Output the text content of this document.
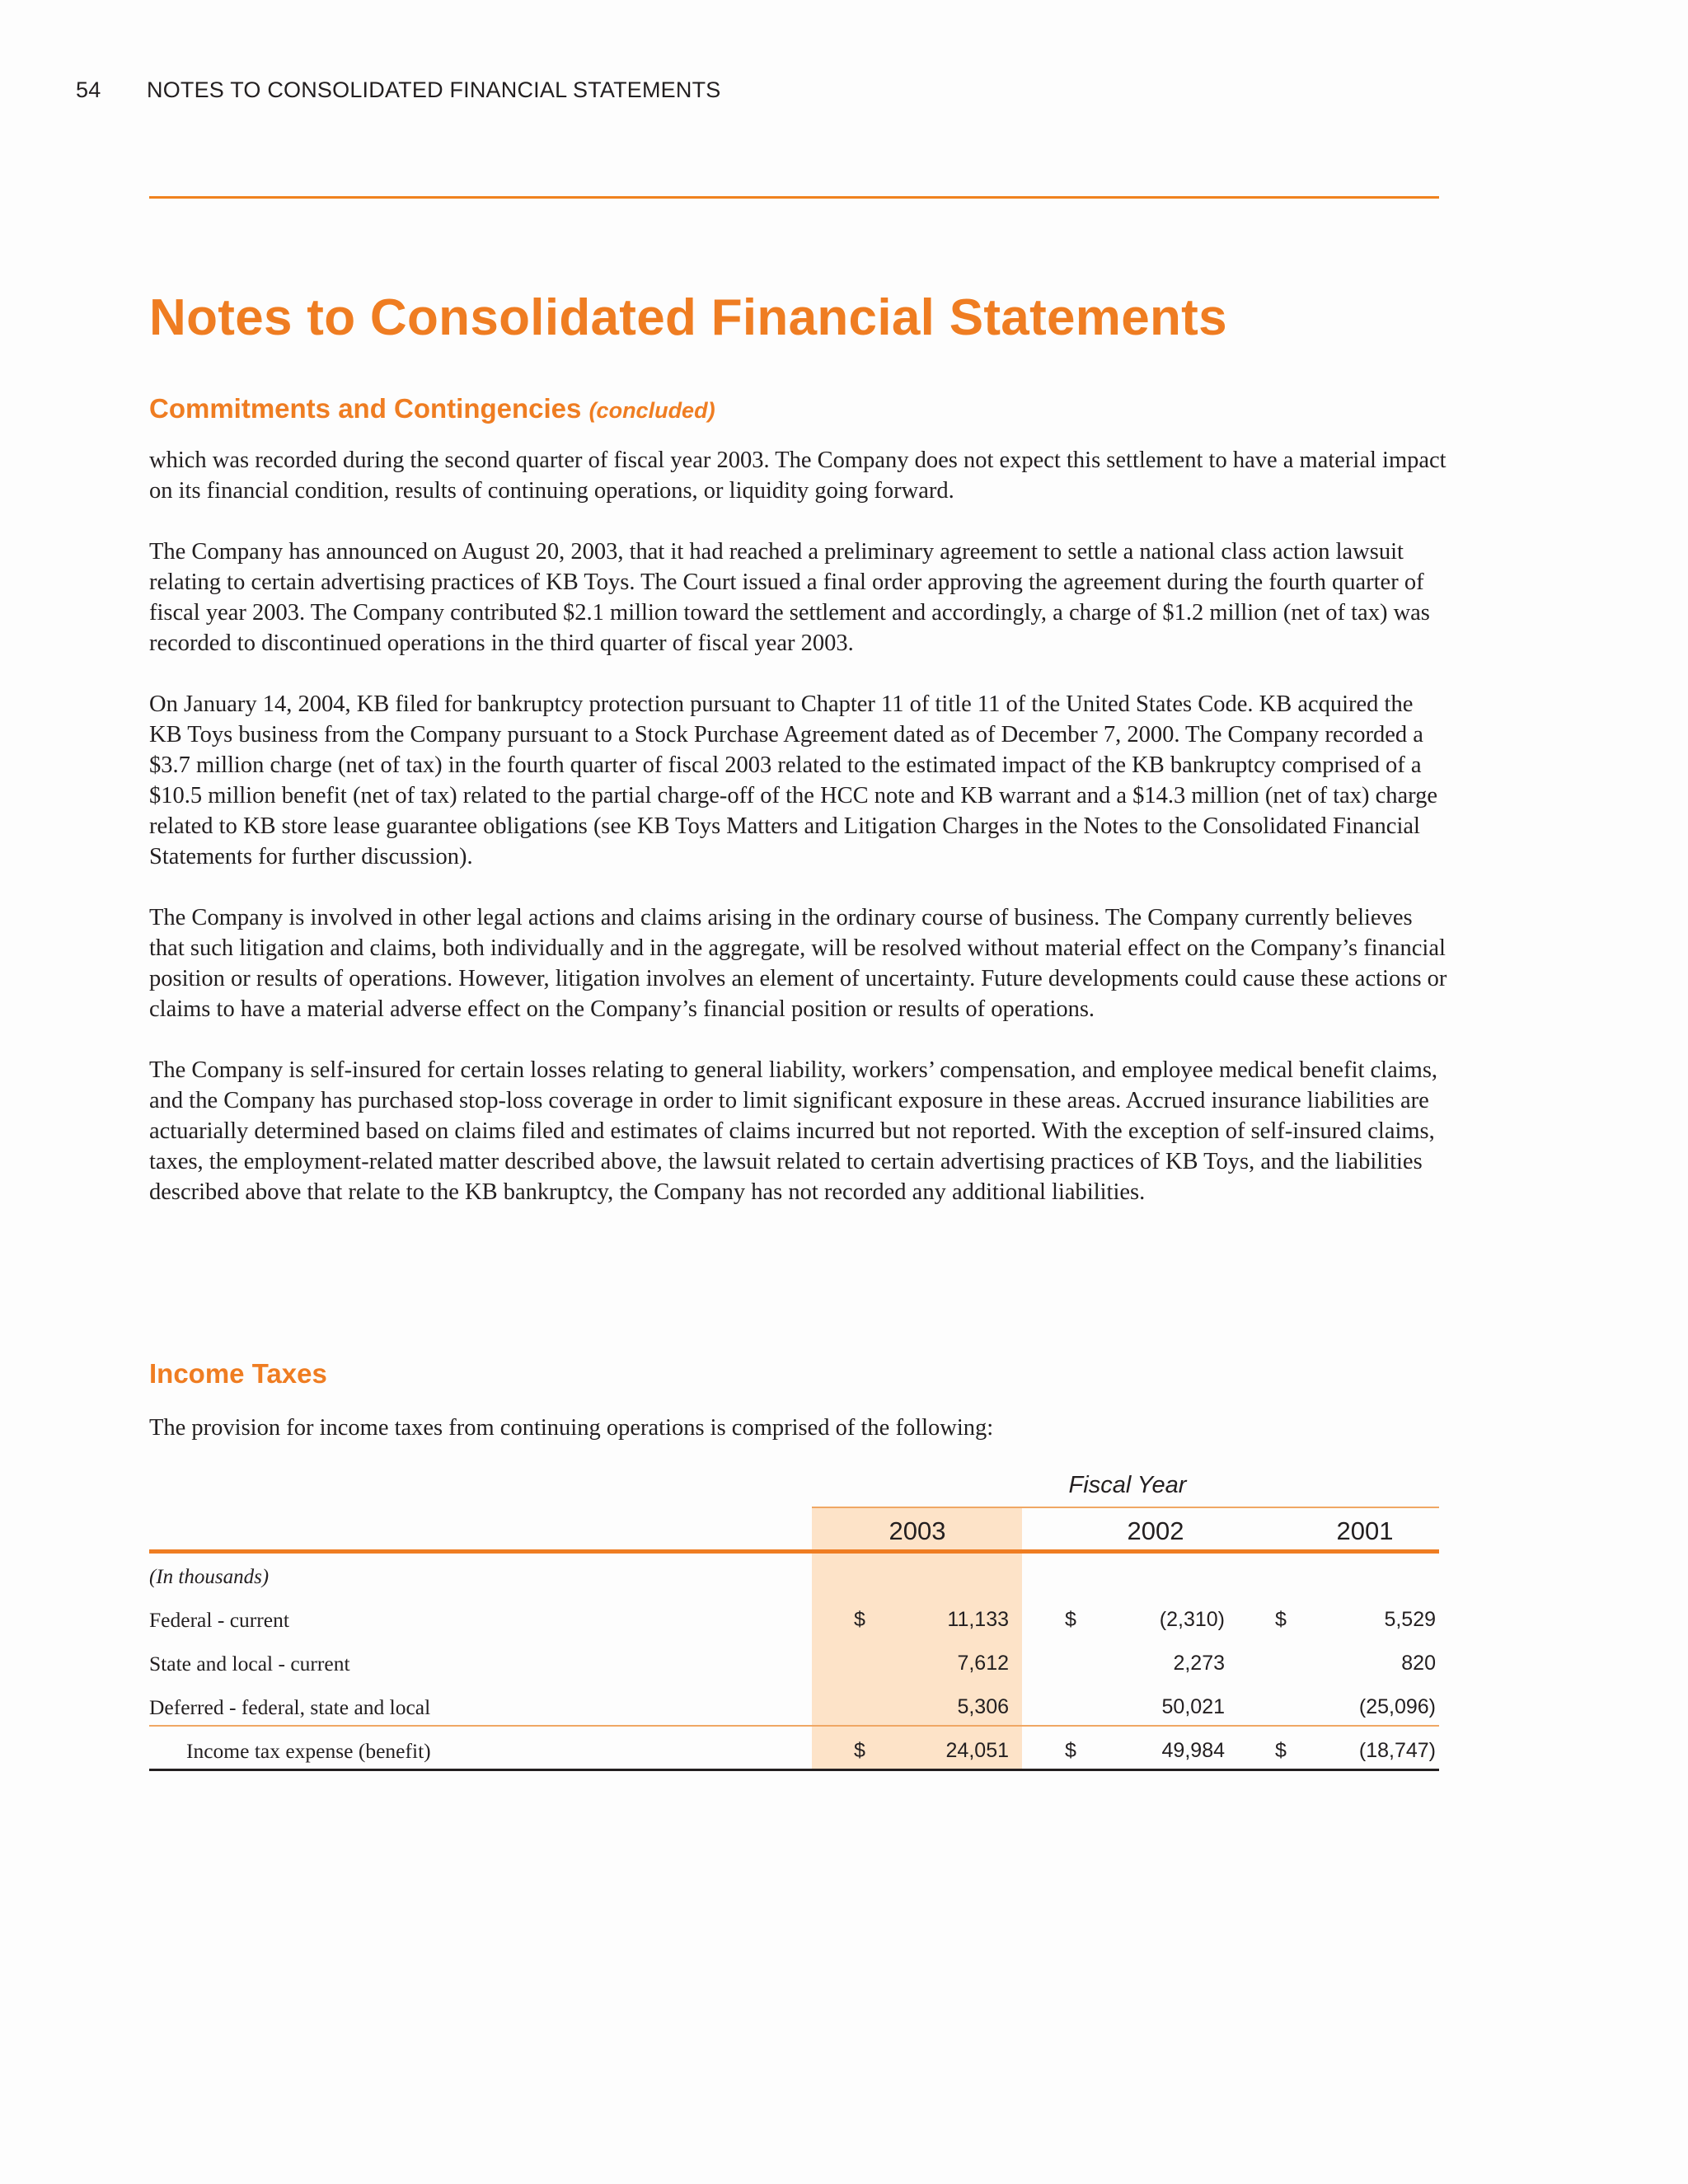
54 NOTES TO CONSOLIDATED FINANCIAL STATEMENTS
Notes to Consolidated Financial Statements
Commitments and Contingencies (concluded)

which was recorded during the second quarter of fiscal year 2003. The Company does not expect this settlement to have a material impact on its financial condition, results of continuing operations, or liquidity going forward.

The Company has announced on August 20, 2003, that it had reached a preliminary agreement to settle a national class action lawsuit relating to certain advertising practices of KB Toys. The Court issued a final order approving the agreement during the fourth quarter of fiscal year 2003. The Company contributed $2.1 million toward the settlement and accordingly, a charge of $1.2 million (net of tax) was recorded to discontinued operations in the third quarter of fiscal year 2003.

On January 14, 2004, KB filed for bankruptcy protection pursuant to Chapter 11 of title 11 of the United States Code. KB acquired the KB Toys business from the Company pursuant to a Stock Purchase Agreement dated as of December 7, 2000. The Company recorded a $3.7 million charge (net of tax) in the fourth quarter of fiscal 2003 related to the estimated impact of the KB bankruptcy comprised of a $10.5 million benefit (net of tax) related to the partial charge-off of the HCC note and KB warrant and a $14.3 million (net of tax) charge related to KB store lease guarantee obligations (see KB Toys Matters and Litigation Charges in the Notes to the Consolidated Financial Statements for further discussion).

The Company is involved in other legal actions and claims arising in the ordinary course of business. The Company currently believes that such litigation and claims, both individually and in the aggregate, will be resolved without material effect on the Company’s financial position or results of operations. However, litigation involves an element of uncertainty. Future developments could cause these actions or claims to have a material adverse effect on the Company’s financial position or results of operations.

The Company is self-insured for certain losses relating to general liability, workers’ compensation, and employee medical benefit claims, and the Company has purchased stop-loss coverage in order to limit significant exposure in these areas. Accrued insurance liabilities are actuarially determined based on claims filed and estimates of claims incurred but not reported. With the exception of self-insured claims, taxes, the employment-related matter described above, the lawsuit related to certain advertising practices of KB Toys, and the liabilities described above that relate to the KB bankruptcy, the Company has not recorded any additional liabilities.

Income Taxes

The provision for income taxes from continuing operations is comprised of the following:

Fiscal Year
2003	2002	2001
(In thousands)
Federal - current	$	11,133	$	(2,310) $	5,529
State and local - current	7,612	2,273	820
Deferred - federal, state and local	5,306	50,021	(25,096)
Income tax expense (benefit)	$	24,051	$	49,984 $	(18,747)
